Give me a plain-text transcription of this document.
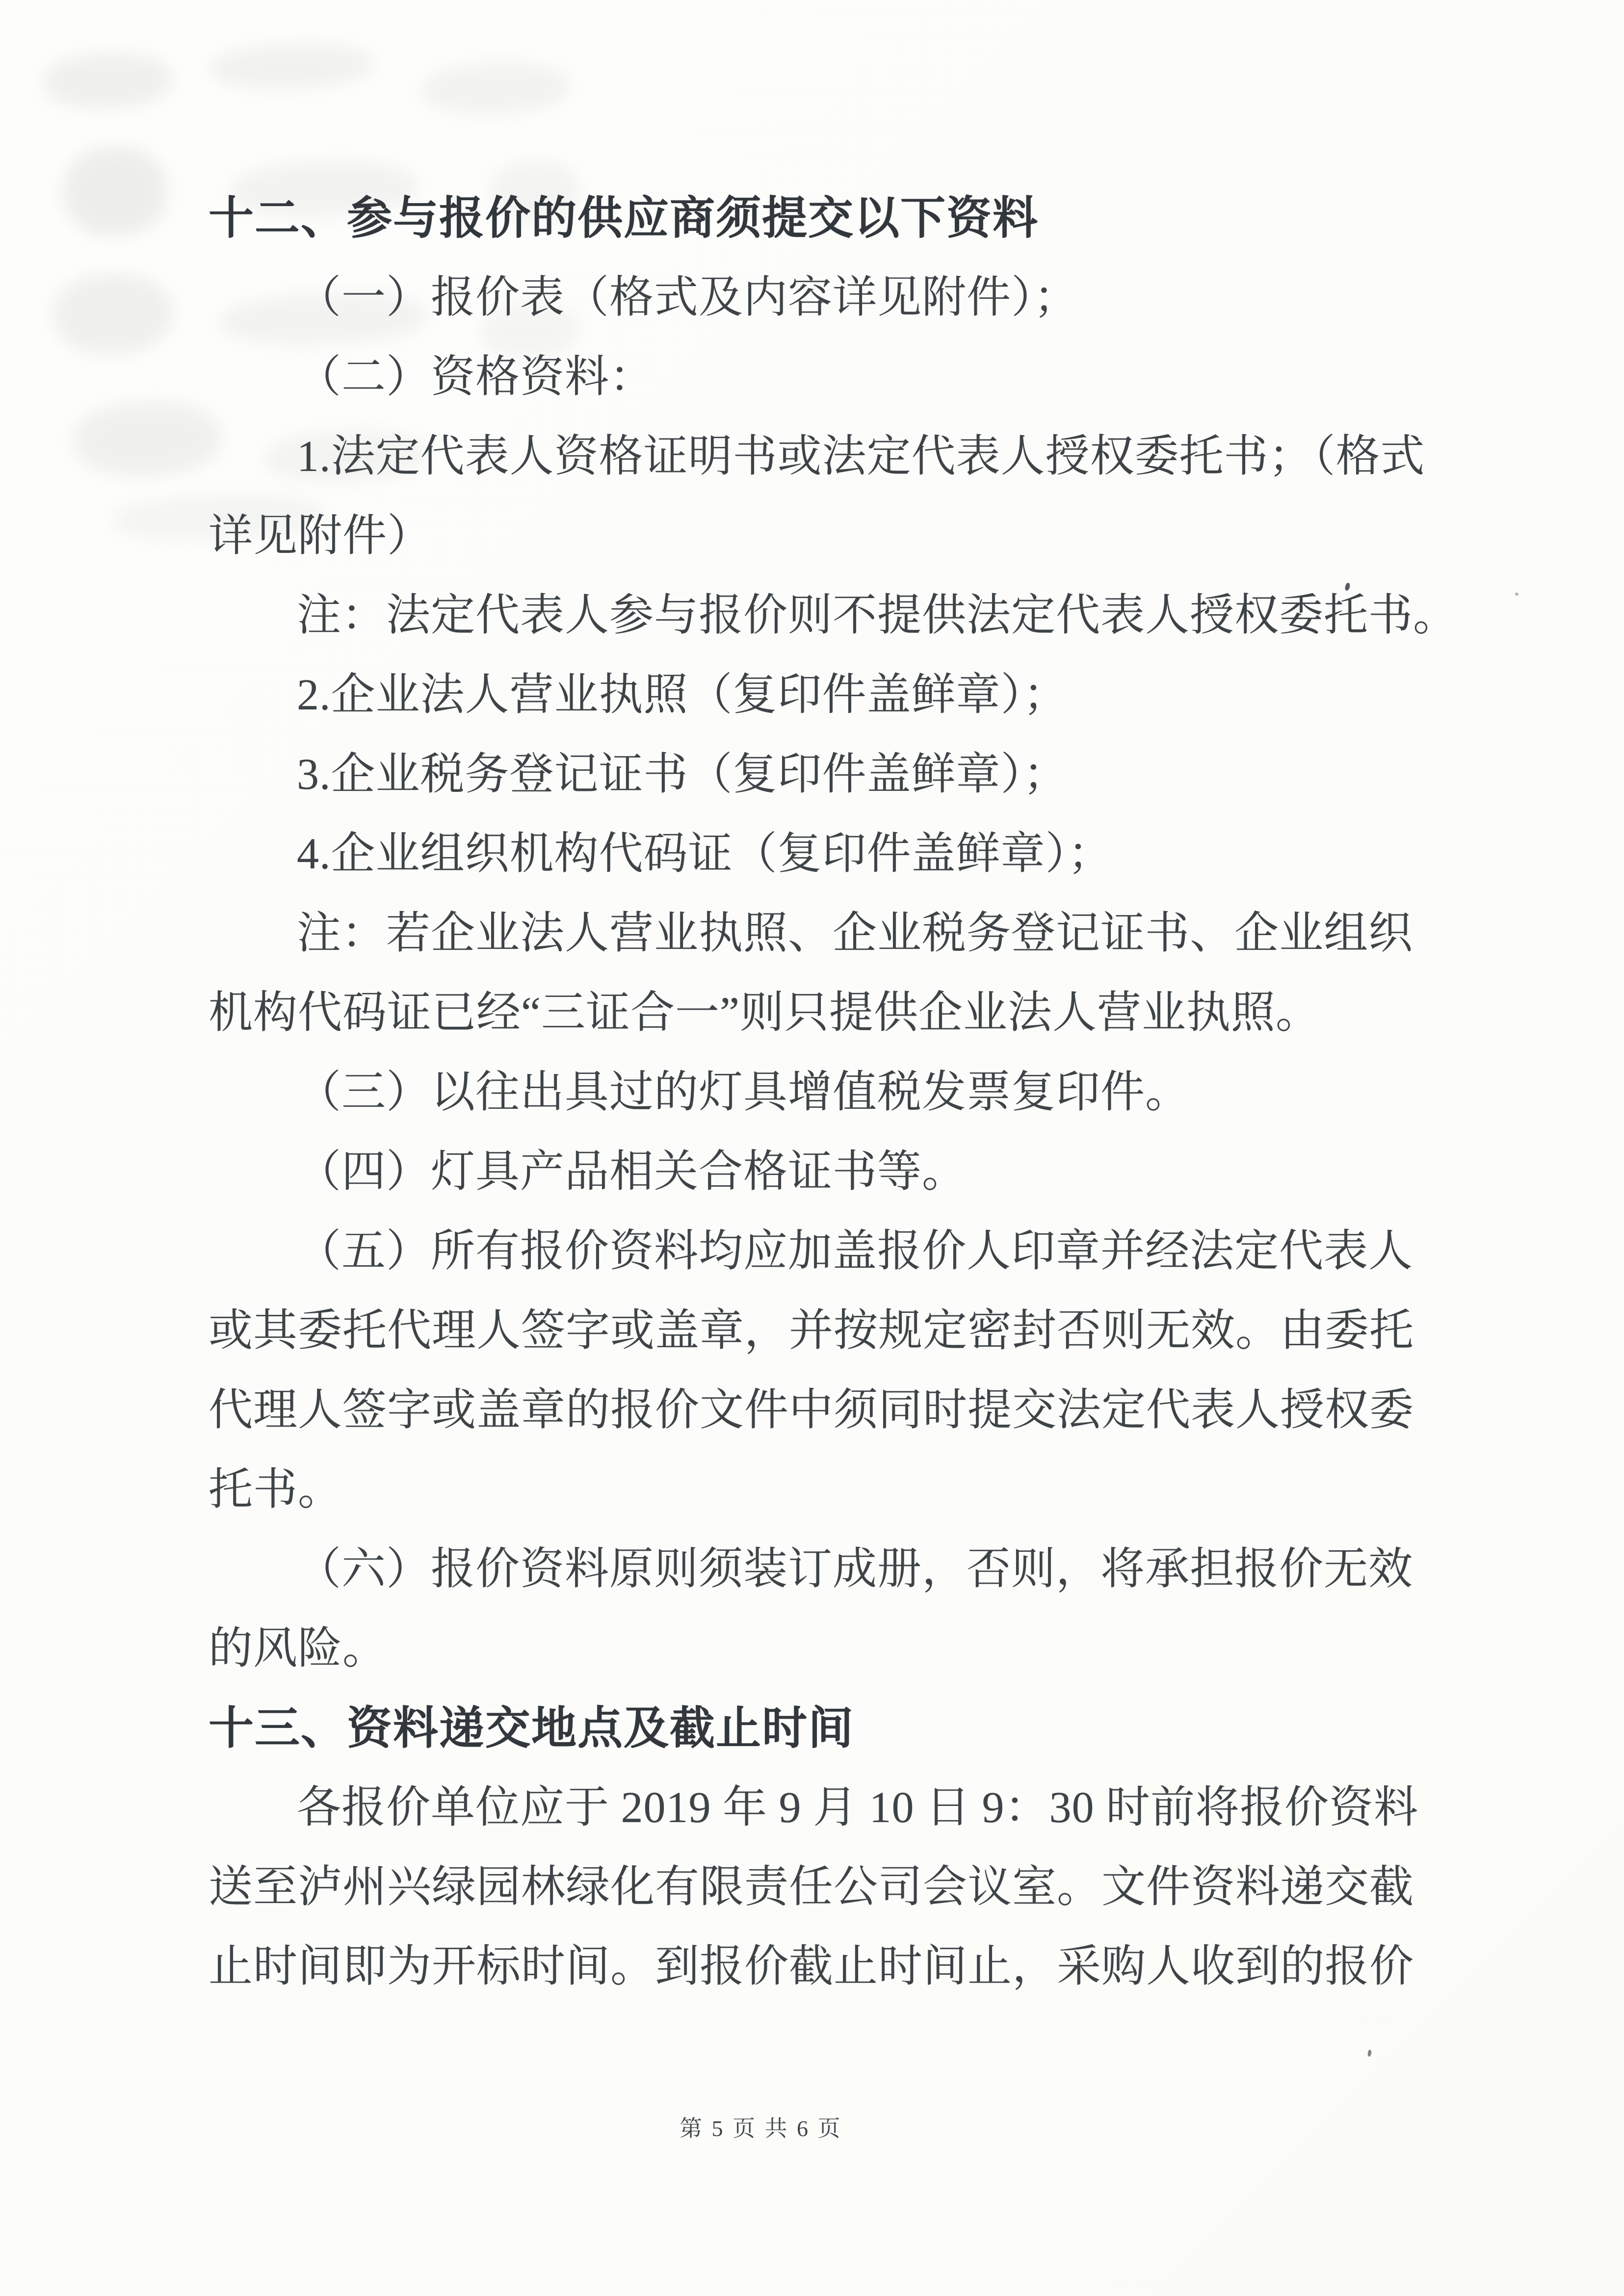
十二、参与报价的供应商须提交以下资料
（一）报价表（格式及内容详见附件）；
（二）资格资料：
1.法定代表人资格证明书或法定代表人授权委托书；（格式
详见附件）
注：法定代表人参与报价则不提供法定代表人授权委托书。
2.企业法人营业执照（复印件盖鲜章）；
3.企业税务登记证书（复印件盖鲜章）；
4.企业组织机构代码证（复印件盖鲜章）；
注：若企业法人营业执照、企业税务登记证书、企业组织
机构代码证已经“三证合一”则只提供企业法人营业执照。
（三）以往出具过的灯具增值税发票复印件。
（四）灯具产品相关合格证书等。
（五）所有报价资料均应加盖报价人印章并经法定代表人
或其委托代理人签字或盖章，并按规定密封否则无效。由委托
代理人签字或盖章的报价文件中须同时提交法定代表人授权委
托书。
（六）报价资料原则须装订成册，否则，将承担报价无效
的风险。
十三、资料递交地点及截止时间
各报价单位应于 2019 年 9 月 10 日 9：30 时前将报价资料
送至泸州兴绿园林绿化有限责任公司会议室。文件资料递交截
止时间即为开标时间。到报价截止时间止，采购人收到的报价
第 5 页 共 6 页
